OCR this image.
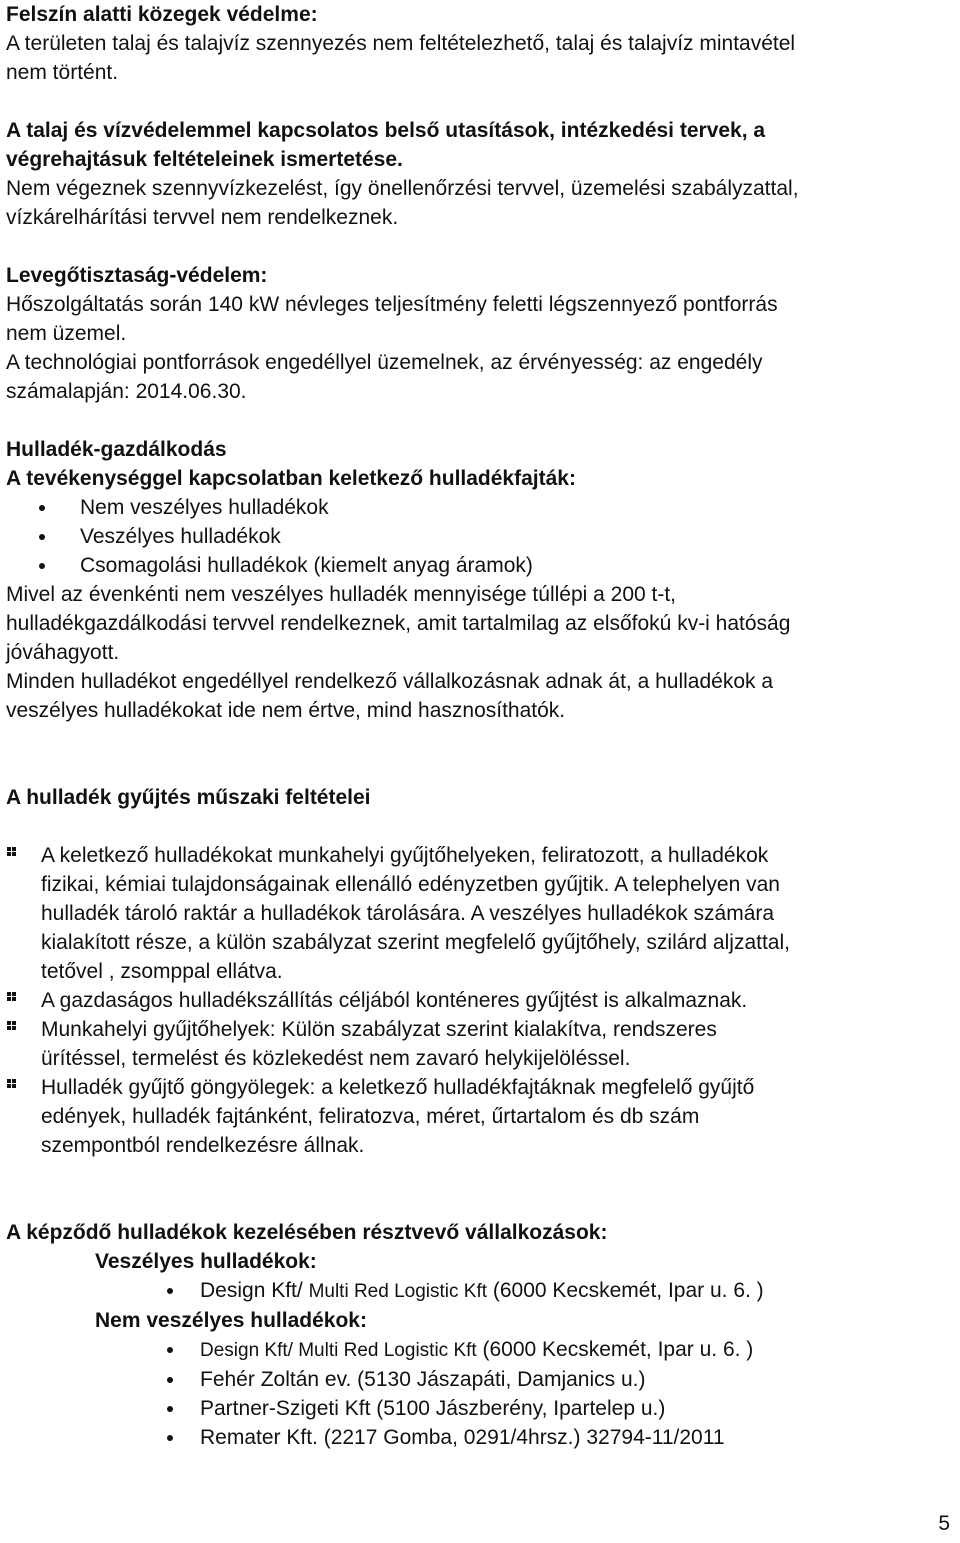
Felszín alatti közegek védelme:

A területen talaj és talajvíz szennyezés nem feltételezhető, talaj és talajvíz mintavétel

nem történt.

A talaj és vízvédelemmel kapcsolatos belső utasítások, intézkedési tervek, a

végrehajtásuk feltételeinek ismertetése.

Nem végeznek szennyvízkezelést, így önellenőrzési tervvel, üzemelési szabályzattal,

vízkárelhárítási tervvel nem rendelkeznek.

Levegőtisztaság-védelem:

Hőszolgáltatás során 140 kW névleges teljesítmény feletti légszennyező pontforrás

nem üzemel.

A technológiai pontforrások engedéllyel üzemelnek, az érvényesség: az engedély

számalapján: 2014.06.30.

Hulladék-gazdálkodás

A tevékenységgel kapcsolatban keletkező hulladékfajták:

Nem veszélyes hulladékok
Veszélyes hulladékok
Csomagolási hulladékok (kiemelt anyag áramok)

Mivel az évenkénti nem veszélyes hulladék mennyisége túllépi a 200 t-t,

hulladékgazdálkodási tervvel rendelkeznek, amit tartalmilag az elsőfokú kv-i hatóság

jóváhagyott.

Minden hulladékot engedéllyel rendelkező vállalkozásnak adnak át, a hulladékok a

veszélyes hulladékokat ide nem értve, mind hasznosíthatók.

A hulladék gyűjtés műszaki feltételei

A keletkező hulladékokat munkahelyi gyűjtőhelyeken, feliratozott, a hulladékok

fizikai, kémiai tulajdonságainak ellenálló edényzetben gyűjtik. A telephelyen van

hulladék tároló raktár a hulladékok tárolására. A veszélyes hulladékok számára

kialakított része, a külön szabályzat szerint megfelelő gyűjtőhely, szilárd aljzattal,

tetővel , zsomppal ellátva.

A gazdaságos hulladékszállítás céljából konténeres gyűjtést is alkalmaznak.

Munkahelyi gyűjtőhelyek: Külön szabályzat szerint kialakítva, rendszeres

ürítéssel, termelést és közlekedést nem zavaró helykijelöléssel.

Hulladék gyűjtő göngyölegek: a keletkező hulladékfajtáknak megfelelő gyűjtő

edények, hulladék fajtánként, feliratozva, méret, űrtartalom és db szám

szempontból rendelkezésre állnak.

A képződő hulladékok kezelésében résztvevő vállalkozások:

Veszélyes hulladékok:

Design Kft/ Multi Red Logistic Kft (6000 Kecskemét, Ipar u. 6. )

Nem veszélyes hulladékok:

Design Kft/ Multi Red Logistic Kft (6000 Kecskemét, Ipar u. 6. )
Fehér Zoltán ev. (5130 Jászapáti, Damjanics u.)
Partner-Szigeti Kft (5100 Jászberény, Ipartelep u.)
Remater Kft. (2217 Gomba, 0291/4hrsz.) 32794-11/2011
5
